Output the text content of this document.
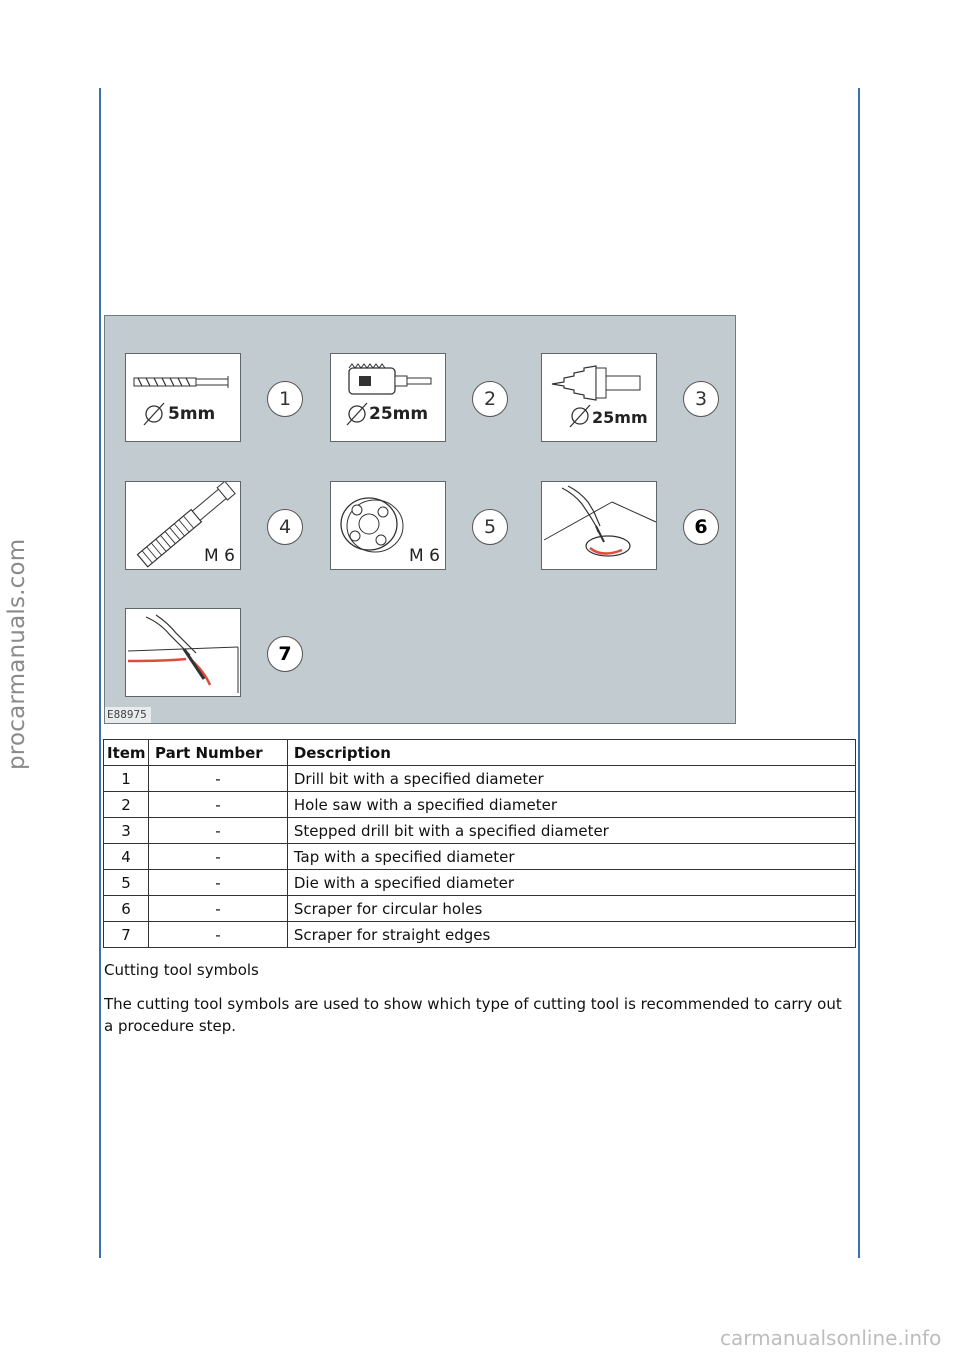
procarmanuals.com
carmanualsonline.info
5mm
1
25mm
2
25mm
3
M 6
4
M 6
5	6
7
E88975
Item	Part Number	Description
1	-	Drill bit with a specified diameter
2	-	Hole saw with a specified diameter
3	-	Stepped drill bit with a specified diameter
4	-	Tap with a specified diameter
5	-	Die with a specified diameter
6	-	Scraper for circular holes
7	-	Scraper for straight edges
Cutting tool symbols
The cutting tool symbols are used to show which type of cutting tool is recommended to carry out a procedure step.
